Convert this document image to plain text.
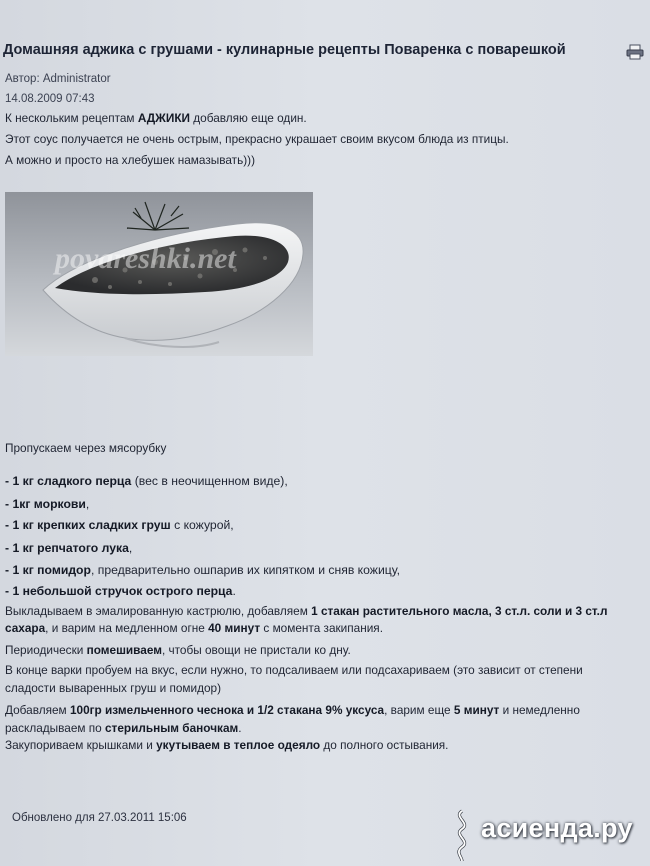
Домашняя аджика с грушами - кулинарные рецепты Поваренка с поварешкой
Автор: Administrator
14.08.2009 07:43
К нескольким рецептам АДЖИКИ добавляю еще один.
Этот соус получается не очень острым, прекрасно украшает своим вкусом блюда из птицы.
А можно и просто на хлебушек намазывать)))
povareshki.net
Пропускаем через мясорубку
- 1 кг сладкого перца (вес в неочищенном виде),
- 1кг моркови,
- 1 кг крепких сладких груш с кожурой,
- 1 кг репчатого лука,
- 1 кг помидор, предварительно ошпарив их кипятком и сняв кожицу,
- 1 небольшой стручок острого перца.
Выкладываем в эмалированную кастрюлю, добавляем 1 стакан растительного масла, 3 ст.л. соли и 3 ст.л
сахара, и варим на медленном огне 40 минут с момента закипания.
Периодически помешиваем, чтобы овощи не пристали ко дну.
В конце варки пробуем на вкус, если нужно, то подсаливаем или подсахариваем (это зависит от степени
сладости вываренных груш и помидор)
Добавляем 100гр измельченного чеснока и 1/2 стакана 9% уксуса, варим еще 5 минут и немедленно
раскладываем по стерильным баночкам.
Закупориваем крышками и укутываем в теплое одеяло до полного остывания.
Обновлено для 27.03.2011 15:06	асиенда.ру
